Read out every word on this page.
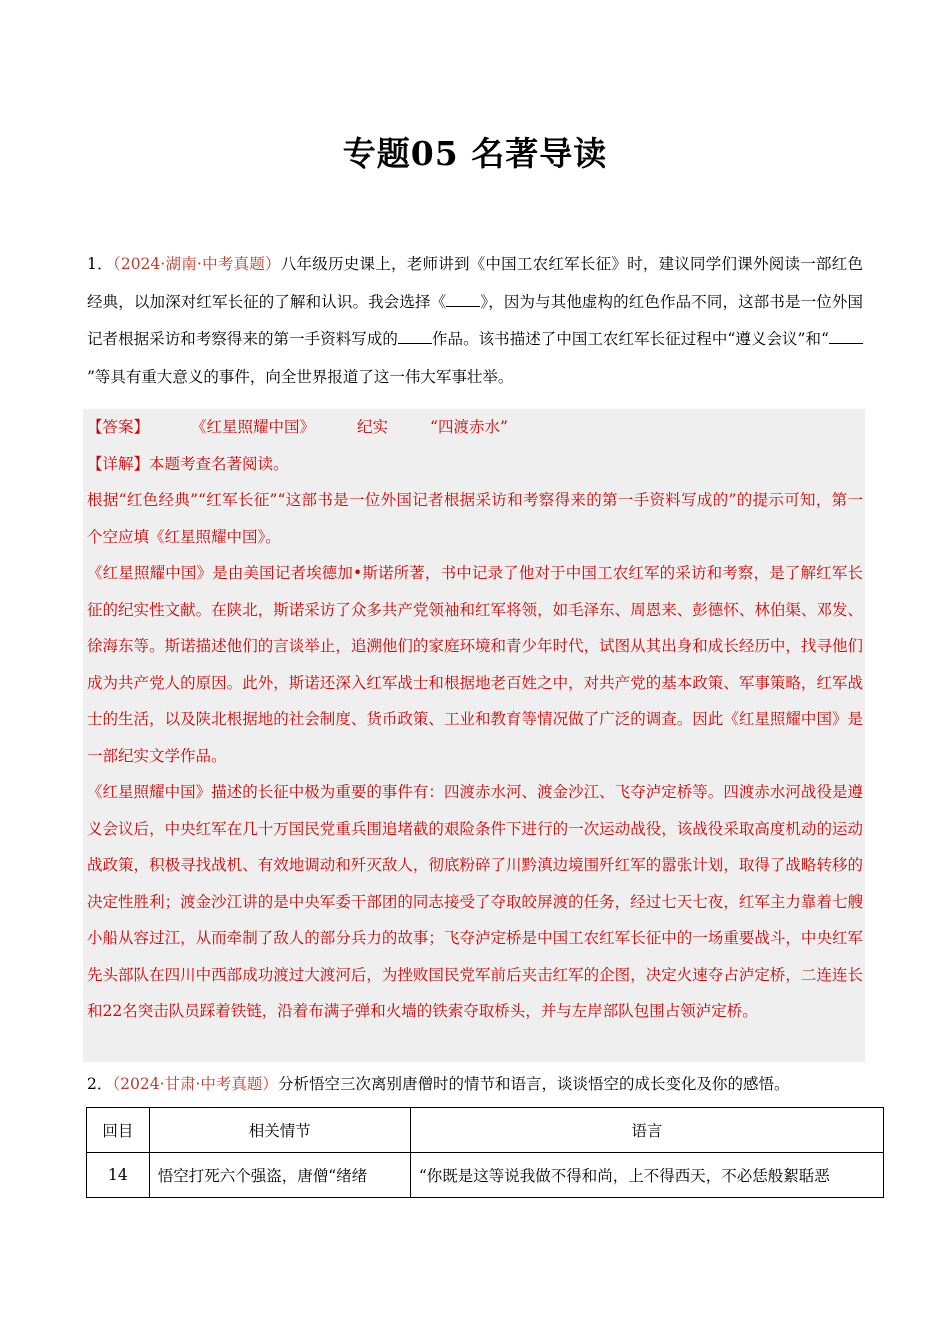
专题05 名著导读

1．（2024·湖南·中考真题）八年级历史课上，老师讲到《中国工农红军长征》时，建议同学们课外阅读一部红色经典，以加深对红军长征的了解和认识。我会选择《 》，因为与其他虚构的红色作品不同，这部书是一位外国记者根据采访和考察得来的第一手资料写成的 作品。该书描述了中国工农红军长征过程中“遵义会议”和“”等具有重大意义的事件，向全世界报道了这一伟大军事壮举。

【答案】	《红星照耀中国》	纪实	“四渡赤水”

【详解】本题考查名著阅读。

根据“红色经典”“红军长征”“这部书是一位外国记者根据采访和考察得来的第一手资料写成的”的提示可知，第一个空应填《红星照耀中国》。

《红星照耀中国》是由美国记者埃德加•斯诺所著，书中记录了他对于中国工农红军的采访和考察，是了解红军长征的纪实性文献。在陕北，斯诺采访了众多共产党领袖和红军将领，如毛泽东、周恩来、彭德怀、林伯渠、邓发、徐海东等。斯诺描述他们的言谈举止，追溯他们的家庭环境和青少年时代，试图从其出身和成长经历中，找寻他们成为共产党人的原因。此外，斯诺还深入红军战士和根据地老百姓之中，对共产党的基本政策、军事策略，红军战士的生活，以及陕北根据地的社会制度、货币政策、工业和教育等情况做了广泛的调查。因此《红星照耀中国》是一部纪实文学作品。

《红星照耀中国》描述的长征中极为重要的事件有：四渡赤水河、渡金沙江、飞夺泸定桥等。四渡赤水河战役是遵义会议后，中央红军在几十万国民党重兵围追堵截的艰险条件下进行的一次运动战役，该战役采取高度机动的运动战政策，积极寻找战机、有效地调动和歼灭敌人，彻底粉碎了川黔滇边境围歼红军的嚣张计划，取得了战略转移的决定性胜利；渡金沙江讲的是中央军委干部团的同志接受了夺取皎屏渡的任务，经过七天七夜，红军主力靠着七艘小船从容过江，从而牵制了敌人的部分兵力的故事；飞夺泸定桥是中国工农红军长征中的一场重要战斗，中央红军先头部队在四川中西部成功渡过大渡河后，为挫败国民党军前后夹击红军的企图，决定火速夺占泸定桥，二连连长和22名突击队员踩着铁链，沿着布满子弹和火墙的铁索夺取桥头，并与左岸部队包围占领泸定桥。

2．（2024·甘肃·中考真题）分析悟空三次离别唐僧时的情节和语言，谈谈悟空的成长变化及你的感悟。

回目	相关情节	语言
14	悟空打死六个强盗，唐僧“绪绪	“你既是这等说我做不得和尚，上不得西天，不必恁般絮聒恶
